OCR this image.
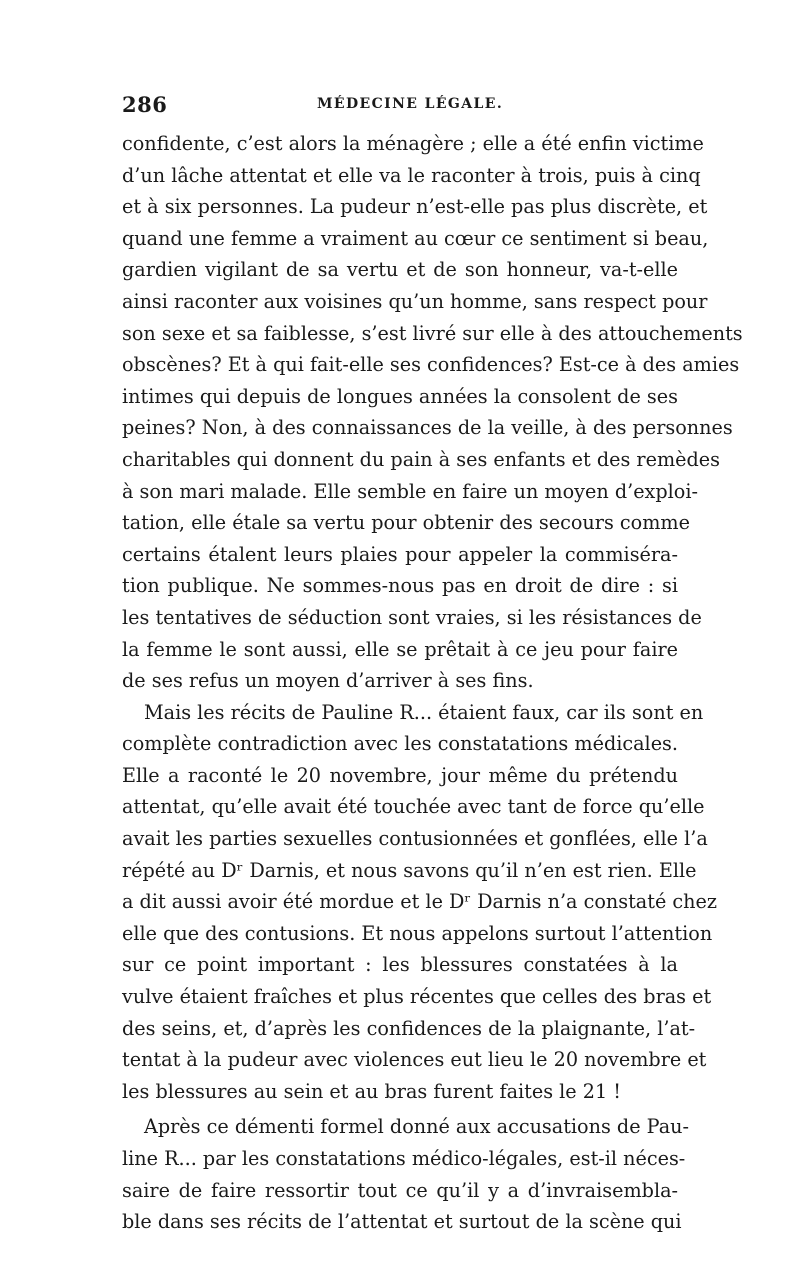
286	MÉDECINE LÉGALE.
confidente, c’est alors la ménagère ; elle a été enfin victime
d’un lâche attentat et elle va le raconter à trois, puis à cinq
et à six personnes. La pudeur n’est-elle pas plus discrète, et
quand une femme a vraiment au cœur ce sentiment si beau,
gardien vigilant de sa vertu et de son honneur, va-t-elle
ainsi raconter aux voisines qu’un homme, sans respect pour
son sexe et sa faiblesse, s’est livré sur elle à des attouchements
obscènes? Et à qui fait-elle ses confidences? Est-ce à des amies
intimes qui depuis de longues années la consolent de ses
peines? Non, à des connaissances de la veille, à des personnes
charitables qui donnent du pain à ses enfants et des remèdes
à son mari malade. Elle semble en faire un moyen d’exploi-
tation, elle étale sa vertu pour obtenir des secours comme
certains étalent leurs plaies pour appeler la commiséra-
tion publique. Ne sommes-nous pas en droit de dire : si
les tentatives de séduction sont vraies, si les résistances de
la femme le sont aussi, elle se prêtait à ce jeu pour faire
de ses refus un moyen d’arriver à ses fins.
Mais les récits de Pauline R... étaient faux, car ils sont en
complète contradiction avec les constatations médicales.
Elle a raconté le 20 novembre, jour même du prétendu
attentat, qu’elle avait été touchée avec tant de force qu’elle
avait les parties sexuelles contusionnées et gonflées, elle l’a
répété au Dʳ Darnis, et nous savons qu’il n’en est rien. Elle
a dit aussi avoir été mordue et le Dʳ Darnis n’a constaté chez
elle que des contusions. Et nous appelons surtout l’attention
sur ce point important : les blessures constatées à la
vulve étaient fraîches et plus récentes que celles des bras et
des seins, et, d’après les confidences de la plaignante, l’at-
tentat à la pudeur avec violences eut lieu le 20 novembre et
les blessures au sein et au bras furent faites le 21 !
Après ce démenti formel donné aux accusations de Pau-
line R... par les constatations médico-légales, est-il néces-
saire de faire ressortir tout ce qu’il y a d’invraisembla-
ble dans ses récits de l’attentat et surtout de la scène qui
